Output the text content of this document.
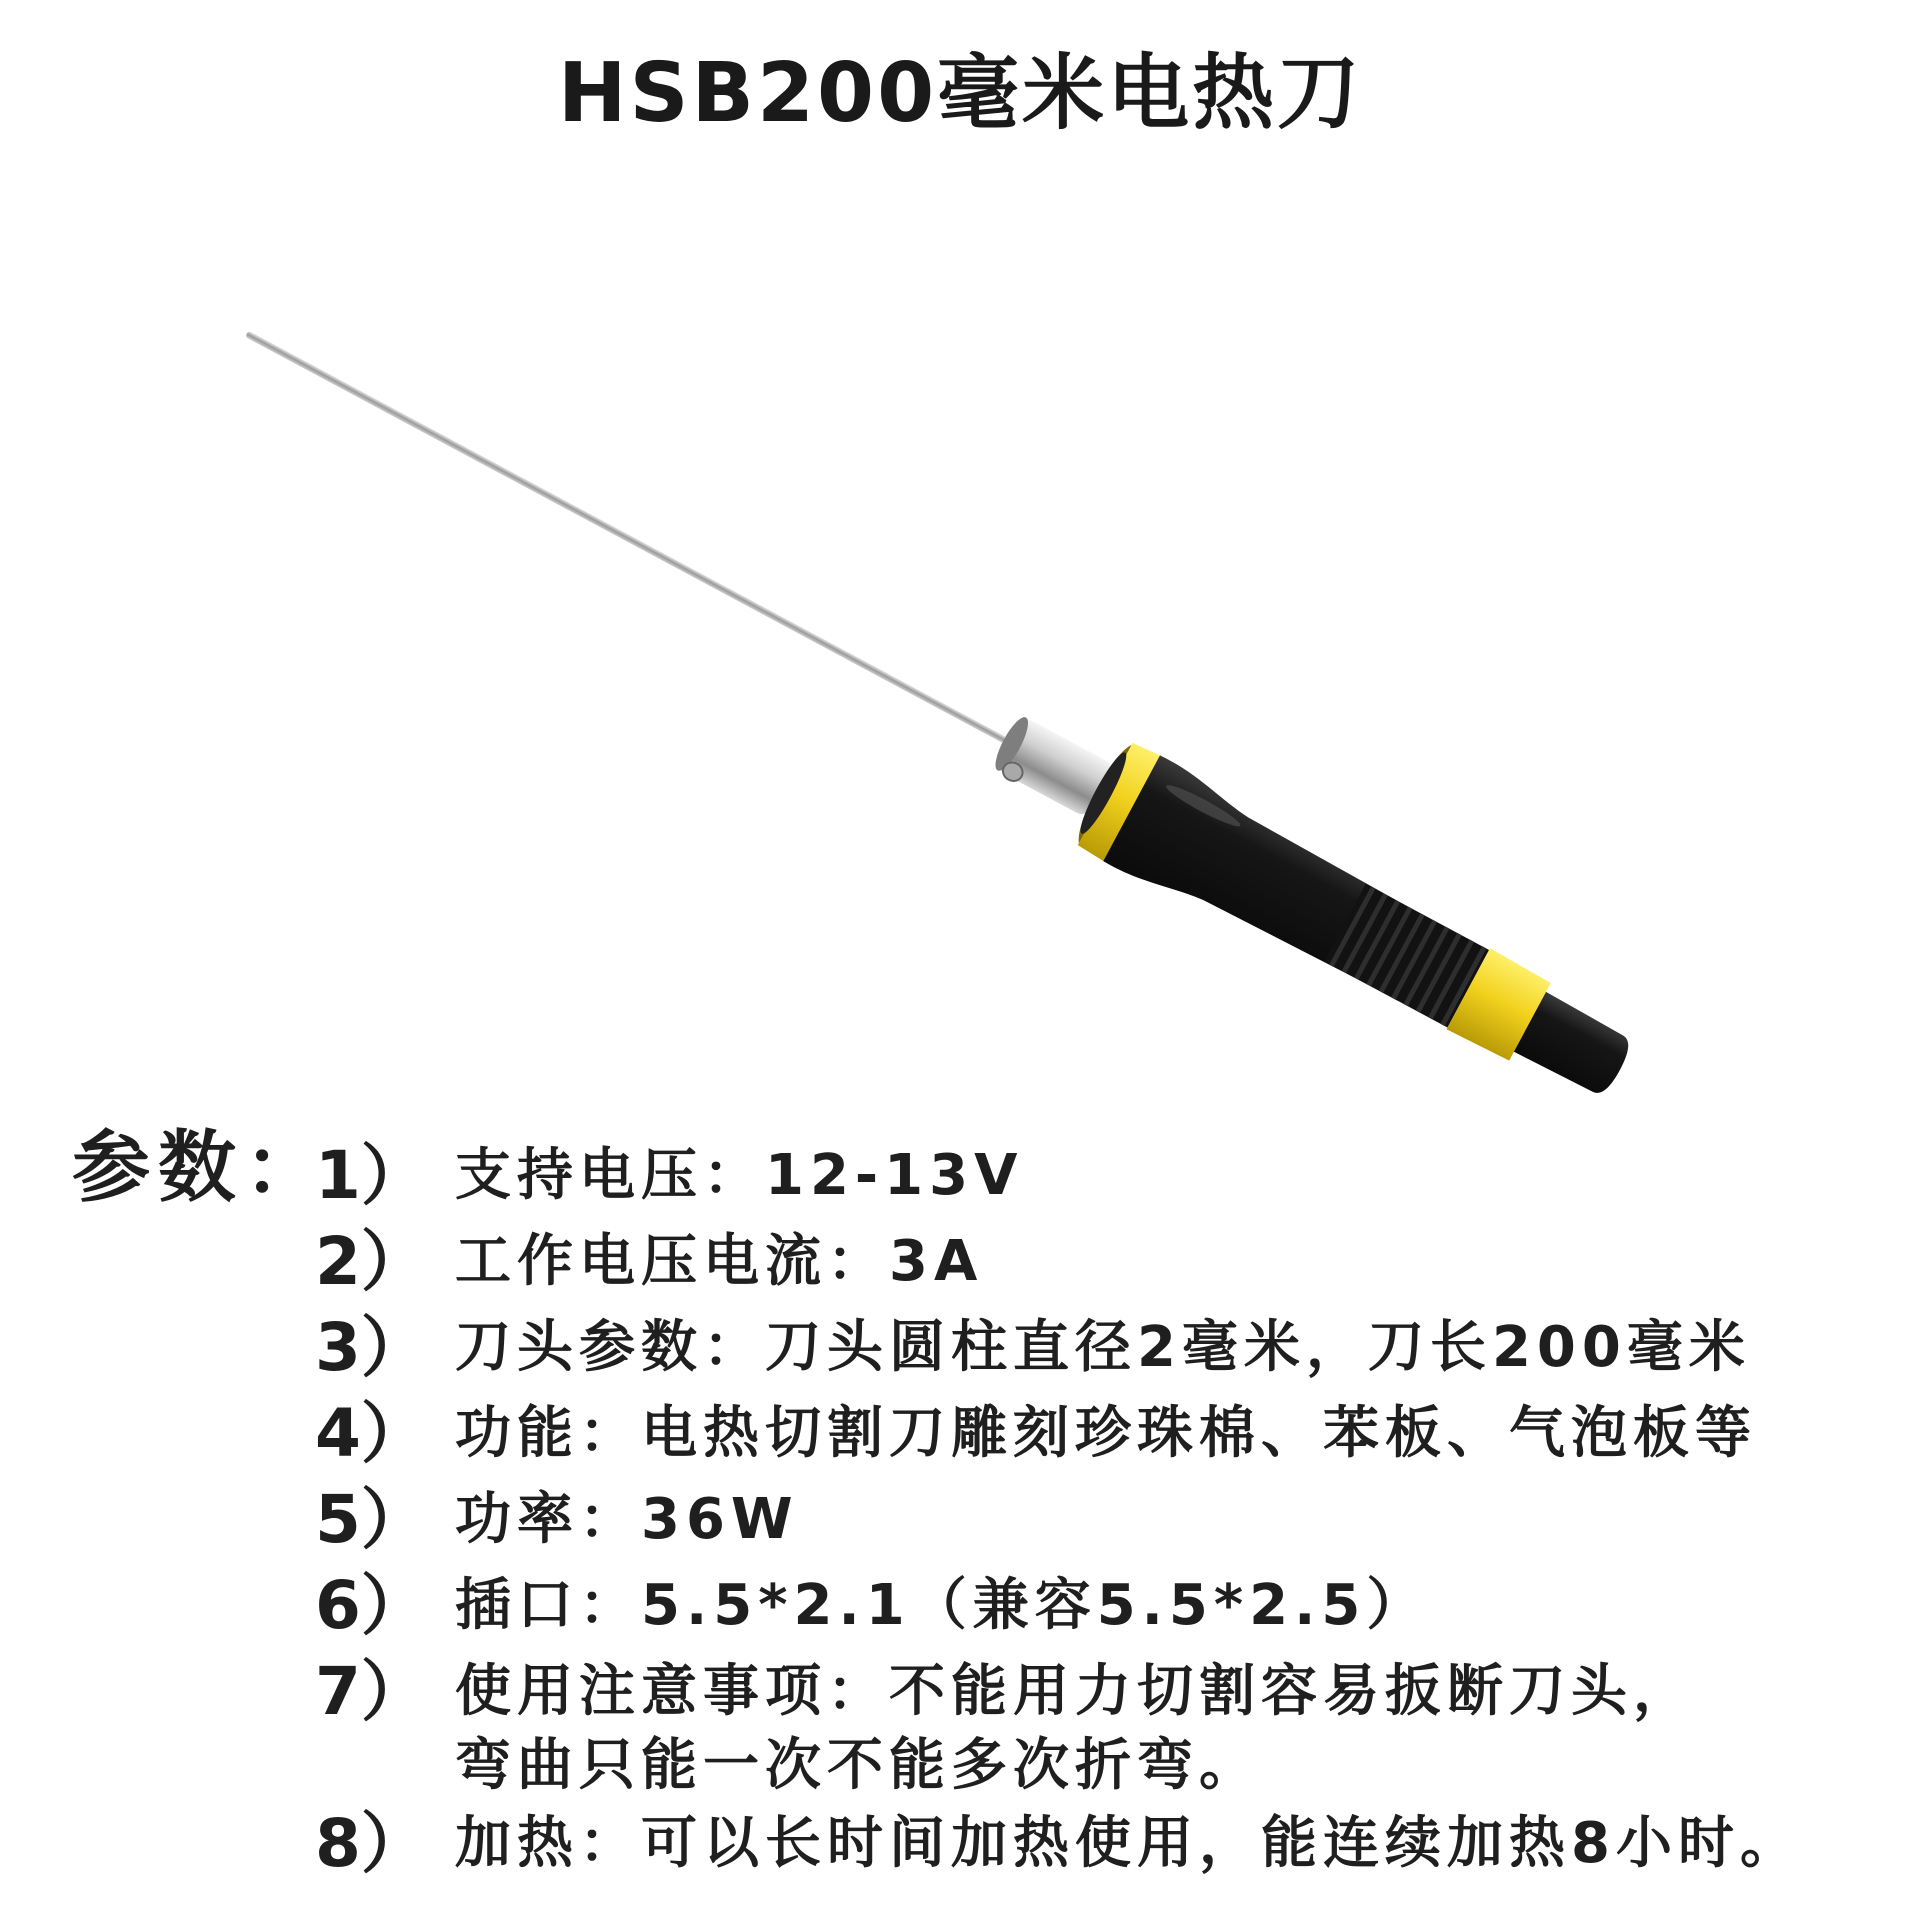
HSB200毫米电热刀
参数：
1） 支持电压：12-13V
2） 工作电压电流：3A
3） 刀头参数：刀头圆柱直径2毫米，刀长200毫米
4） 功能：电热切割刀雕刻珍珠棉、苯板、气泡板等
5） 功率：36W
6） 插口：5.5*2.1（兼容5.5*2.5）
7） 使用注意事项：不能用力切割容易扳断刀头，
弯曲只能一次不能多次折弯。
8） 加热：可以长时间加热使用，能连续加热8小时。
